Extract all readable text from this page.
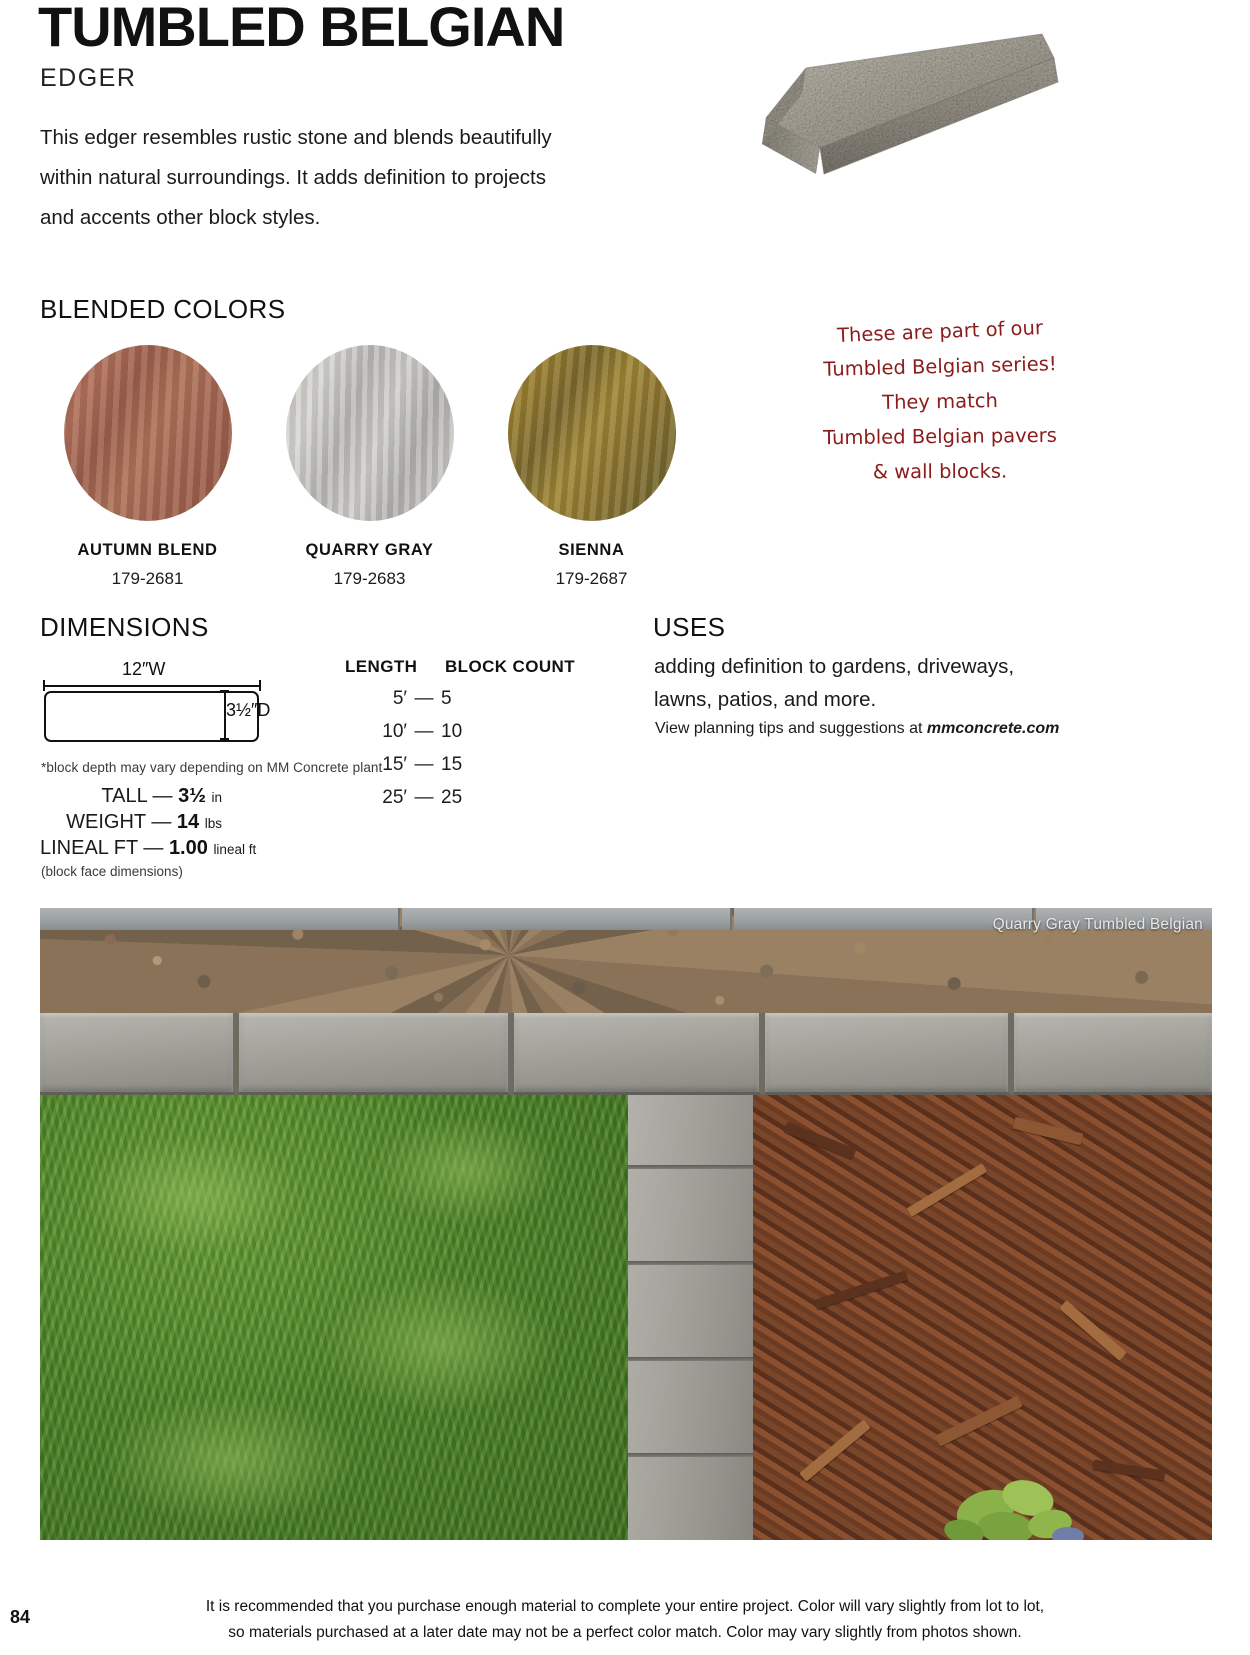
TUMBLED BELGIAN
EDGER
This edger resembles rustic stone and blends beautifully within natural surroundings. It adds definition to projects and accents other block styles.
BLENDED COLORS
AUTUMN BLEND
179-2681
QUARRY GRAY
179-2683
SIENNA
179-2687
These are part of our
Tumbled Belgian series!
They match
Tumbled Belgian pavers
& wall blocks.
DIMENSIONS
12″W
3½″D
*block depth may vary depending on MM Concrete plant
TALL — 3½ in
WEIGHT — 14 lbs
LINEAL FT — 1.00 lineal ft
(block face dimensions)
LENGTH	BLOCK COUNT
5′ — 5
10′ — 10
15′ — 15
25′ — 25
USES
adding definition to gardens, driveways, lawns, patios, and more.
View planning tips and suggestions at mmconcrete.com
Quarry Gray Tumbled Belgian
84
It is recommended that you purchase enough material to complete your entire project. Color will vary slightly from lot to lot,
so materials purchased at a later date may not be a perfect color match. Color may vary slightly from photos shown.
